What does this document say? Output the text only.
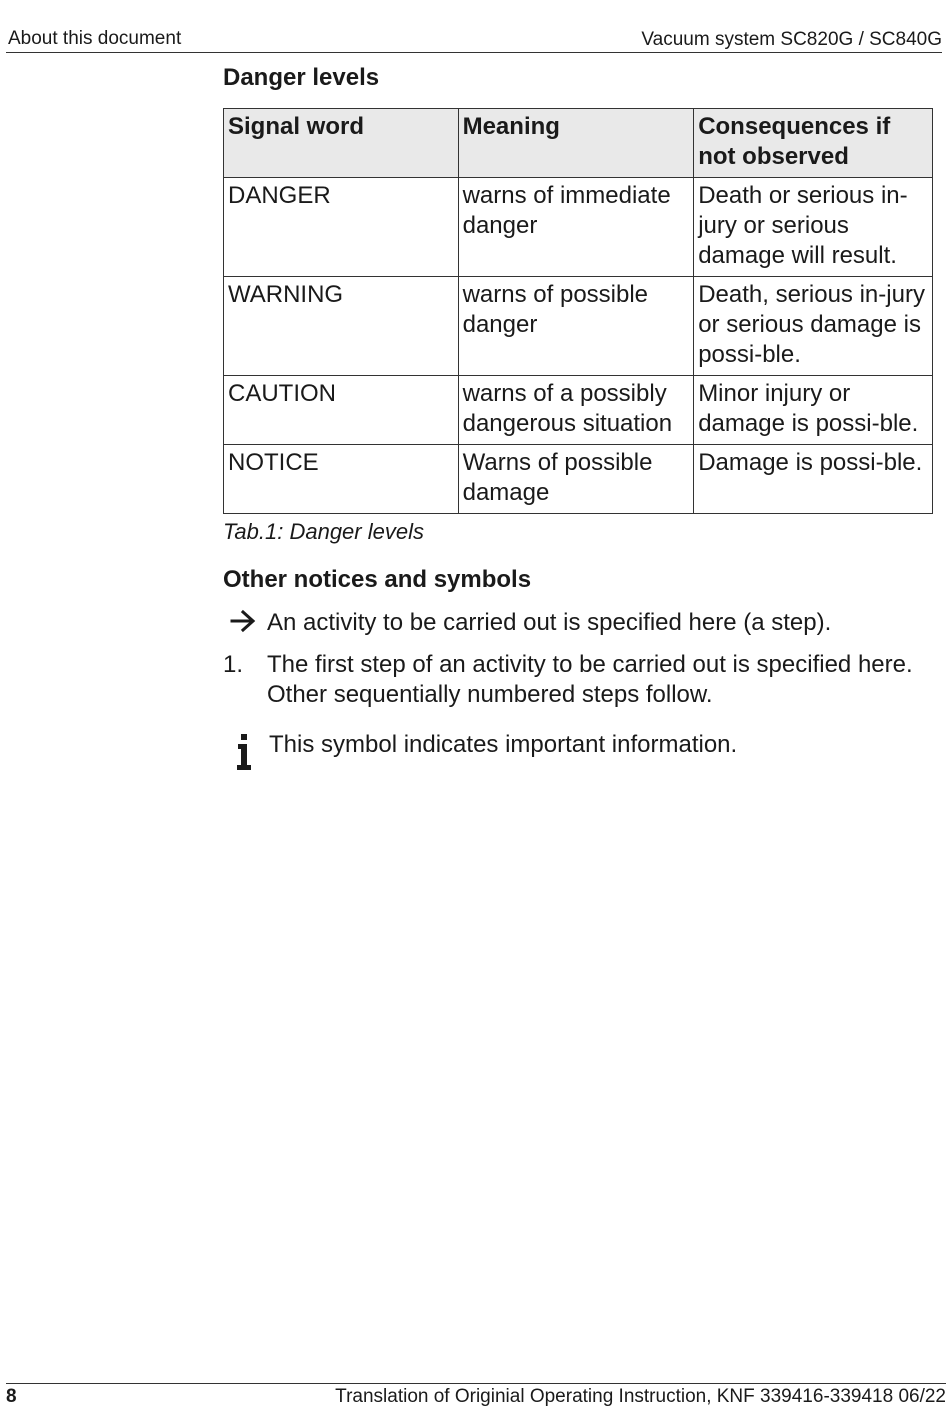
About this document	Vacuum system SC820G / SC840G
Danger levels
Signal word	Meaning	Consequences if not observed
DANGER	warns of immediate danger	Death or serious in-jury or serious damage will result.
WARNING	warns of possible danger	Death, serious in-jury or serious damage is possi-ble.
CAUTION	warns of a possibly dangerous situation	Minor injury or damage is possi-ble.
NOTICE	Warns of possible damage	Damage is possi-ble.
Tab.1: Danger levels
Other notices and symbols
An activity to be carried out is specified here (a step).
1. The first step of an activity to be carried out is specified here.
Other sequentially numbered steps follow.
This symbol indicates important information.
8	Translation of Originial Operating Instruction, KNF 339416-339418 06/22
